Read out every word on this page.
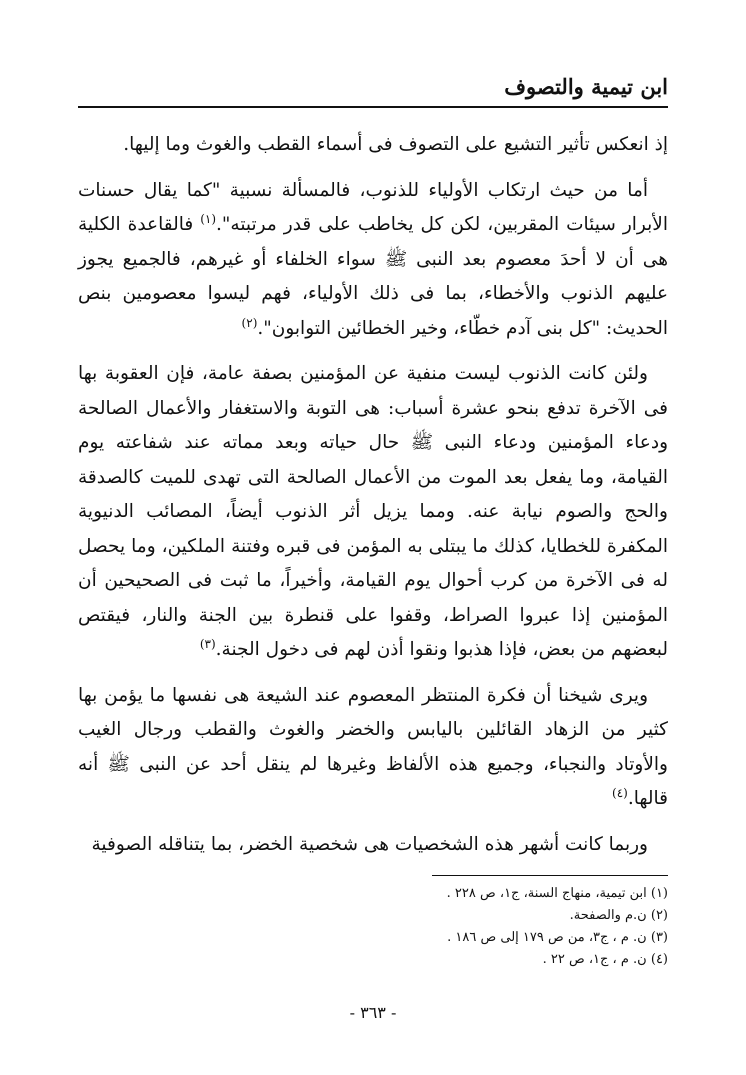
ابن تيمية والتصوف

إذ انعكس تأثير التشيع على التصوف فى أسماء القطب والغوث وما إليها.

أما من حيث ارتكاب الأولياء للذنوب، فالمسألة نسبية "كما يقال حسنات الأبرار سيئات المقربين، لكن كل يخاطب على قدر مرتبته".$^{(١)}$ فالقاعدة الكلية هى أن لا أحدَ معصوم بعد النبى ﷺ سواء الخلفاء أو غيرهم، فالجميع يجوز عليهم الذنوب والأخطاء، بما فى ذلك الأولياء، فهم ليسوا معصومين بنص الحديث: "كل بنى آدم خطّاء، وخير الخطائين التوابون".$^{(٢)}$

ولئن كانت الذنوب ليست منفية عن المؤمنين بصفة عامة، فإن العقوبة بها فى الآخرة تدفع بنحو عشرة أسباب: هى التوبة والاستغفار والأعمال الصالحة ودعاء المؤمنين ودعاء النبى ﷺ حال حياته وبعد مماته عند شفاعته يوم القيامة، وما يفعل بعد الموت من الأعمال الصالحة التى تهدى للميت كالصدقة والحج والصوم نيابة عنه. ومما يزيل أثر الذنوب أيضاً، المصائب الدنيوية المكفرة للخطايا، كذلك ما يبتلى به المؤمن فى قبره وفتنة الملكين، وما يحصل له فى الآخرة من كرب أحوال يوم القيامة، وأخيراً، ما ثبت فى الصحيحين أن المؤمنين إذا عبروا الصراط، وقفوا على قنطرة بين الجنة والنار، فيقتص لبعضهم من بعض، فإذا هذبوا ونقوا أذن لهم فى دخول الجنة.$^{(٣)}$

ويرى شيخنا أن فكرة المنتظر المعصوم عند الشيعة هى نفسها ما يؤمن بها كثير من الزهاد القائلين باليابس والخضر والغوث والقطب ورجال الغيب والأوتاد والنجباء، وجميع هذه الألفاظ وغيرها لم ينقل أحد عن النبى ﷺ أنه قالها.$^{(٤)}$

وربما كانت أشهر هذه الشخصيات هى شخصية الخضر، بما يتناقله الصوفية

(١) ابن تيمية، منهاج السنة، ج١، ص ٢٢٨ .
(٢) ن.م والصفحة.
(٣) ن. م ، ج٣، من ص ١٧٩ إلى ص ١٨٦ .
(٤) ن. م ، ج١، ص ٢٢ .
- ٣٦٣ -
